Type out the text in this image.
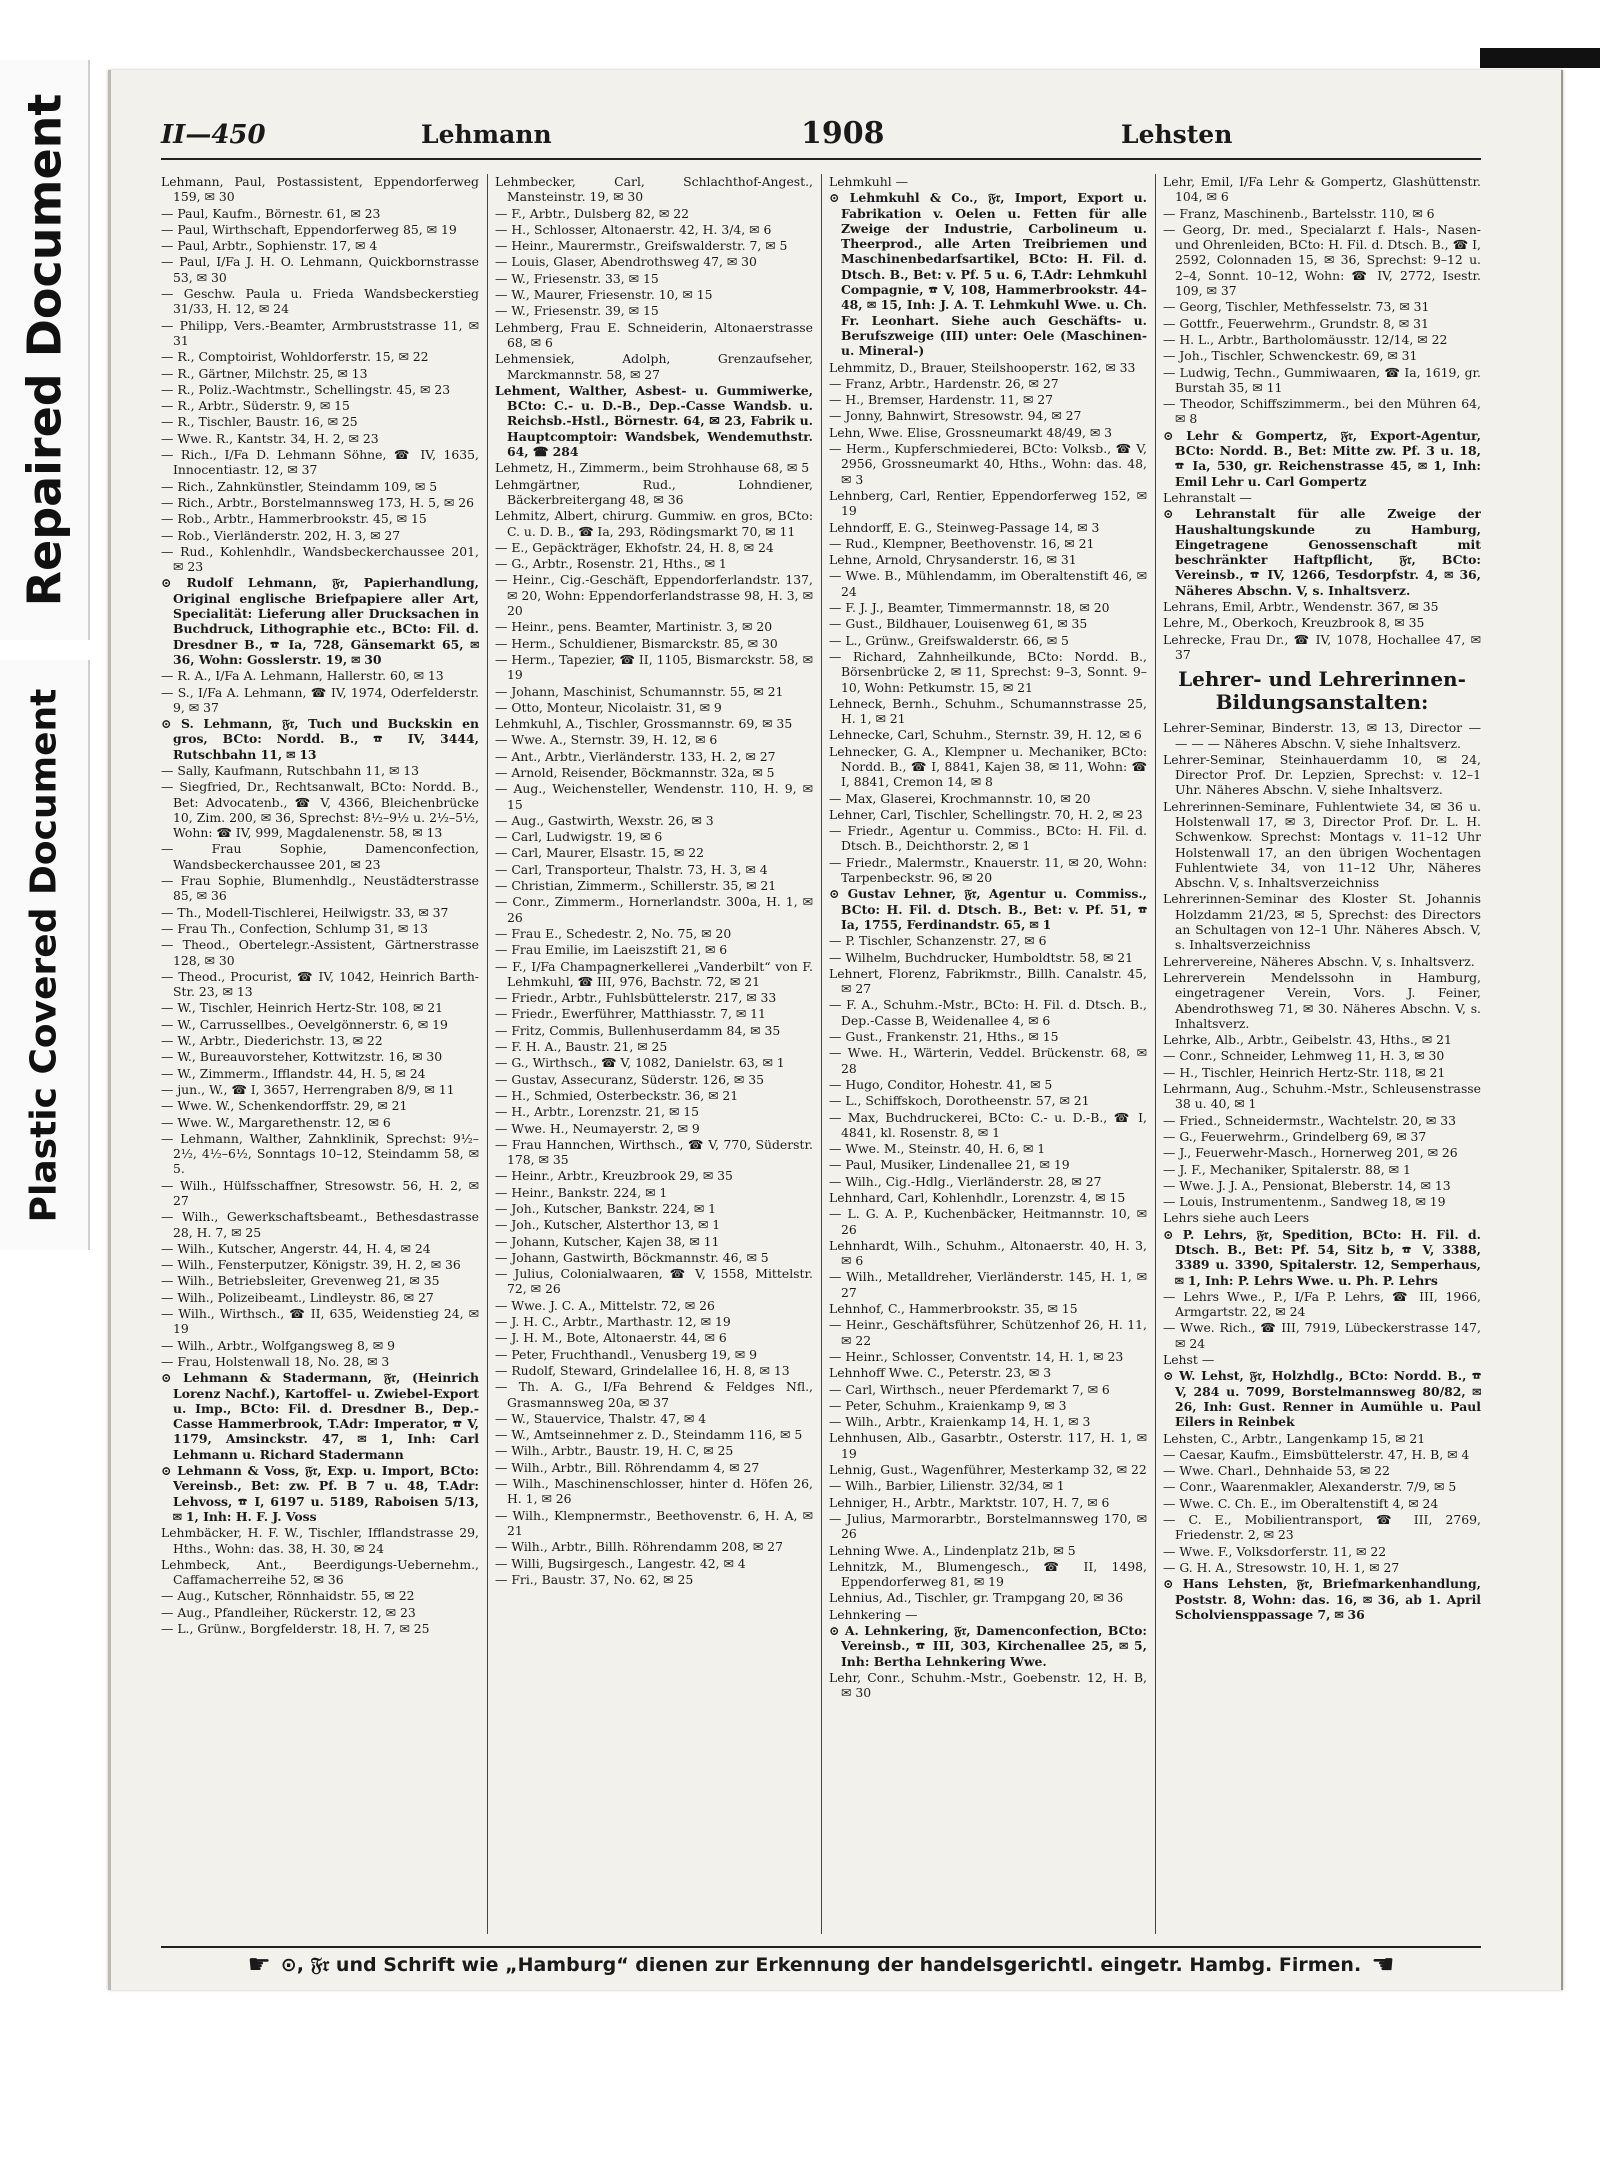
Repaired Document
Plastic Covered Document
II—450	Lehmann	1908	Lehsten

Lehmann, Paul, Postassistent, Eppendorferweg 159, ✉ 30

— Paul, Kaufm., Börnestr. 61, ✉ 23

— Paul, Wirthschaft, Eppendorferweg 85, ✉ 19

— Paul, Arbtr., Sophienstr. 17, ✉ 4

— Paul, I/Fa J. H. O. Lehmann, Quickbornstrasse 53, ✉ 30

— Geschw. Paula u. Frieda Wandsbeckerstieg 31/33, H. 12, ✉ 24

— Philipp, Vers.-Beamter, Armbruststrasse 11, ✉ 31

— R., Comptoirist, Wohldorferstr. 15, ✉ 22

— R., Gärtner, Milchstr. 25, ✉ 13

— R., Poliz.-Wachtmstr., Schellingstr. 45, ✉ 23

— R., Arbtr., Süderstr. 9, ✉ 15

— R., Tischler, Baustr. 16, ✉ 25

— Wwe. R., Kantstr. 34, H. 2, ✉ 23

— Rich., I/Fa D. Lehmann Söhne, ☎ IV, 1635, Innocentiastr. 12, ✉ 37

— Rich., Zahnkünstler, Steindamm 109, ✉ 5

— Rich., Arbtr., Borstelmannsweg 173, H. 5, ✉ 26

— Rob., Arbtr., Hammerbrookstr. 45, ✉ 15

— Rob., Vierländerstr. 202, H. 3, ✉ 27

— Rud., Kohlenhdlr., Wandsbeckerchaussee 201, ✉ 23

⊙ Rudolf Lehmann, 𝔉𝔯, Papierhandlung, Original englische Briefpapiere aller Art, Specialität: Lieferung aller Drucksachen in Buchdruck, Lithographie etc., BCto: Fil. d. Dresdner B., ☎ Ia, 728, Gänsemarkt 65, ✉ 36, Wohn: Gosslerstr. 19, ✉ 30

— R. A., I/Fa A. Lehmann, Hallerstr. 60, ✉ 13

— S., I/Fa A. Lehmann, ☎ IV, 1974, Oderfelderstr. 9, ✉ 37

⊙ S. Lehmann, 𝔉𝔯, Tuch und Buckskin en gros, BCto: Nordd. B., ☎ IV, 3444, Rutschbahn 11, ✉ 13

— Sally, Kaufmann, Rutschbahn 11, ✉ 13

— Siegfried, Dr., Rechtsanwalt, BCto: Nordd. B., Bet: Advocatenb., ☎ V, 4366, Bleichenbrücke 10, Zim. 200, ✉ 36, Sprechst: 8½–9½ u. 2½–5½, Wohn: ☎ IV, 999, Magdalenenstr. 58, ✉ 13

— Frau Sophie, Damenconfection, Wandsbeckerchaussee 201, ✉ 23

— Frau Sophie, Blumenhdlg., Neustädterstrasse 85, ✉ 36

— Th., Modell-Tischlerei, Heilwigstr. 33, ✉ 37

— Frau Th., Confection, Schlump 31, ✉ 13

— Theod., Obertelegr.-Assistent, Gärtnerstrasse 128, ✉ 30

— Theod., Procurist, ☎ IV, 1042, Heinrich Barth-Str. 23, ✉ 13

— W., Tischler, Heinrich Hertz-Str. 108, ✉ 21

— W., Carrussellbes., Oevelgönnerstr. 6, ✉ 19

— W., Arbtr., Diederichstr. 13, ✉ 22

— W., Bureauvorsteher, Kottwitzstr. 16, ✉ 30

— W., Zimmerm., Ifflandstr. 44, H. 5, ✉ 24

— jun., W., ☎ I, 3657, Herrengraben 8/9, ✉ 11

— Wwe. W., Schenkendorffstr. 29, ✉ 21

— Wwe. W., Margarethenstr. 12, ✉ 6

— Lehmann, Walther, Zahnklinik, Sprechst: 9½–2½, 4½–6½, Sonntags 10–12, Steindamm 58, ✉ 5.

— Wilh., Hülfsschaffner, Stresowstr. 56, H. 2, ✉ 27

— Wilh., Gewerkschaftsbeamt., Bethesdastrasse 28, H. 7, ✉ 25

— Wilh., Kutscher, Angerstr. 44, H. 4, ✉ 24

— Wilh., Fensterputzer, Königstr. 39, H. 2, ✉ 36

— Wilh., Betriebsleiter, Grevenweg 21, ✉ 35

— Wilh., Polizeibeamt., Lindleystr. 86, ✉ 27

— Wilh., Wirthsch., ☎ II, 635, Weidenstieg 24, ✉ 19

— Wilh., Arbtr., Wolfgangsweg 8, ✉ 9

— Frau, Holstenwall 18, No. 28, ✉ 3

⊙ Lehmann & Stadermann, 𝔉𝔯, (Heinrich Lorenz Nachf.), Kartoffel- u. Zwiebel-Export u. Imp., BCto: Fil. d. Dresdner B., Dep.-Casse Hammerbrook, T.Adr: Imperator, ☎ V, 1179, Amsinckstr. 47, ✉ 1, Inh: Carl Lehmann u. Richard Stadermann

⊙ Lehmann & Voss, 𝔉𝔯, Exp. u. Import, BCto: Vereinsb., Bet: zw. Pf. B 7 u. 48, T.Adr: Lehvoss, ☎ I, 6197 u. 5189, Raboisen 5/13, ✉ 1, Inh: H. F. J. Voss

Lehmbäcker, H. F. W., Tischler, Ifflandstrasse 29, Hths., Wohn: das. 38, H. 30, ✉ 24

Lehmbeck, Ant., Beerdigungs-Uebernehm., Caffamacherreihe 52, ✉ 36

— Aug., Kutscher, Rönnhaidstr. 55, ✉ 22

— Aug., Pfandleiher, Rückerstr. 12, ✉ 23

— L., Grünw., Borgfelderstr. 18, H. 7, ✉ 25

Lehmbecker, Carl, Schlachthof-Angest., Mansteinstr. 19, ✉ 30

— F., Arbtr., Dulsberg 82, ✉ 22

— H., Schlosser, Altonaerstr. 42, H. 3/4, ✉ 6

— Heinr., Maurermstr., Greifswalderstr. 7, ✉ 5

— Louis, Glaser, Abendrothsweg 47, ✉ 30

— W., Friesenstr. 33, ✉ 15

— W., Maurer, Friesenstr. 10, ✉ 15

— W., Friesenstr. 39, ✉ 15

Lehmberg, Frau E. Schneiderin, Altonaerstrasse 68, ✉ 6

Lehmensiek, Adolph, Grenzaufseher, Marckmannstr. 58, ✉ 27

Lehment, Walther, Asbest- u. Gummiwerke, BCto: C.- u. D.-B., Dep.-Casse Wandsb. u. Reichsb.-Hstl., Börnestr. 64, ✉ 23, Fabrik u. Hauptcomptoir: Wandsbek, Wendemuthstr. 64, ☎ 284

Lehmetz, H., Zimmerm., beim Strohhause 68, ✉ 5

Lehmgärtner, Rud., Lohndiener, Bäckerbreitergang 48, ✉ 36

Lehmitz, Albert, chirurg. Gummiw. en gros, BCto: C. u. D. B., ☎ Ia, 293, Rödingsmarkt 70, ✉ 11

— E., Gepäckträger, Ekhofstr. 24, H. 8, ✉ 24

— G., Arbtr., Rosenstr. 21, Hths., ✉ 1

— Heinr., Cig.-Geschäft, Eppendorferlandstr. 137, ✉ 20, Wohn: Eppendorferlandstrasse 98, H. 3, ✉ 20

— Heinr., pens. Beamter, Martinistr. 3, ✉ 20

— Herm., Schuldiener, Bismarckstr. 85, ✉ 30

— Herm., Tapezier, ☎ II, 1105, Bismarckstr. 58, ✉ 19

— Johann, Maschinist, Schumannstr. 55, ✉ 21

— Otto, Monteur, Nicolaistr. 31, ✉ 9

Lehmkuhl, A., Tischler, Grossmannstr. 69, ✉ 35

— Wwe. A., Sternstr. 39, H. 12, ✉ 6

— Ant., Arbtr., Vierländerstr. 133, H. 2, ✉ 27

— Arnold, Reisender, Böckmannstr. 32a, ✉ 5

— Aug., Weichensteller, Wendenstr. 110, H. 9, ✉ 15

— Aug., Gastwirth, Wexstr. 26, ✉ 3

— Carl, Ludwigstr. 19, ✉ 6

— Carl, Maurer, Elsastr. 15, ✉ 22

— Carl, Transporteur, Thalstr. 73, H. 3, ✉ 4

— Christian, Zimmerm., Schillerstr. 35, ✉ 21

— Conr., Zimmerm., Hornerlandstr. 300a, H. 1, ✉ 26

— Frau E., Schedestr. 2, No. 75, ✉ 20

— Frau Emilie, im Laeiszstift 21, ✉ 6

— F., I/Fa Champagnerkellerei „Vanderbilt“ von F. Lehmkuhl, ☎ III, 976, Bachstr. 72, ✉ 21

— Friedr., Arbtr., Fuhlsbüttelerstr. 217, ✉ 33

— Friedr., Ewerführer, Matthiasstr. 7, ✉ 11

— Fritz, Commis, Bullenhuserdamm 84, ✉ 35

— F. H. A., Baustr. 21, ✉ 25

— G., Wirthsch., ☎ V, 1082, Danielstr. 63, ✉ 1

— Gustav, Assecuranz, Süderstr. 126, ✉ 35

— H., Schmied, Osterbeckstr. 36, ✉ 21

— H., Arbtr., Lorenzstr. 21, ✉ 15

— Wwe. H., Neumayerstr. 2, ✉ 9

— Frau Hannchen, Wirthsch., ☎ V, 770, Süderstr. 178, ✉ 35

— Heinr., Arbtr., Kreuzbrook 29, ✉ 35

— Heinr., Bankstr. 224, ✉ 1

— Joh., Kutscher, Bankstr. 224, ✉ 1

— Joh., Kutscher, Alsterthor 13, ✉ 1

— Johann, Kutscher, Kajen 38, ✉ 11

— Johann, Gastwirth, Böckmannstr. 46, ✉ 5

— Julius, Colonialwaaren, ☎ V, 1558, Mittelstr. 72, ✉ 26

— Wwe. J. C. A., Mittelstr. 72, ✉ 26

— J. H. C., Arbtr., Marthastr. 12, ✉ 19

— J. H. M., Bote, Altonaerstr. 44, ✉ 6

— Peter, Fruchthandl., Venusberg 19, ✉ 9

— Rudolf, Steward, Grindelallee 16, H. 8, ✉ 13

— Th. A. G., I/Fa Behrend & Feldges Nfl., Grasmannsweg 20a, ✉ 37

— W., Stauervice, Thalstr. 47, ✉ 4

— W., Amtseinnehmer z. D., Steindamm 116, ✉ 5

— Wilh., Arbtr., Baustr. 19, H. C, ✉ 25

— Wilh., Arbtr., Bill. Röhrendamm 4, ✉ 27

— Wilh., Maschinenschlosser, hinter d. Höfen 26, H. 1, ✉ 26

— Wilh., Klempnermstr., Beethovenstr. 6, H. A, ✉ 21

— Wilh., Arbtr., Billh. Röhrendamm 208, ✉ 27

— Willi, Bugsirgesch., Langestr. 42, ✉ 4

— Fri., Baustr. 37, No. 62, ✉ 25

Lehmkuhl —

⊙ Lehmkuhl & Co., 𝔉𝔯, Import, Export u. Fabrikation v. Oelen u. Fetten für alle Zweige der Industrie, Carbolineum u. Theerprod., alle Arten Treibriemen und Maschinenbedarfsartikel, BCto: H. Fil. d. Dtsch. B., Bet: v. Pf. 5 u. 6, T.Adr: Lehmkuhl Compagnie, ☎ V, 108, Hammerbrookstr. 44–48, ✉ 15, Inh: J. A. T. Lehmkuhl Wwe. u. Ch. Fr. Leonhart. Siehe auch Geschäfts- u. Berufszweige (III) unter: Oele (Maschinen- u. Mineral-)

Lehmmitz, D., Brauer, Steilshooperstr. 162, ✉ 33

— Franz, Arbtr., Hardenstr. 26, ✉ 27

— H., Bremser, Hardenstr. 11, ✉ 27

— Jonny, Bahnwirt, Stresowstr. 94, ✉ 27

Lehn, Wwe. Elise, Grossneumarkt 48/49, ✉ 3

— Herm., Kupferschmiederei, BCto: Volksb., ☎ V, 2956, Grossneumarkt 40, Hths., Wohn: das. 48, ✉ 3

Lehnberg, Carl, Rentier, Eppendorferweg 152, ✉ 19

Lehndorff, E. G., Steinweg-Passage 14, ✉ 3

— Rud., Klempner, Beethovenstr. 16, ✉ 21

Lehne, Arnold, Chrysanderstr. 16, ✉ 31

— Wwe. B., Mühlendamm, im Oberaltenstift 46, ✉ 24

— F. J. J., Beamter, Timmermannstr. 18, ✉ 20

— Gust., Bildhauer, Louisenweg 61, ✉ 35

— L., Grünw., Greifswalderstr. 66, ✉ 5

— Richard, Zahnheilkunde, BCto: Nordd. B., Börsenbrücke 2, ✉ 11, Sprechst: 9–3, Sonnt. 9–10, Wohn: Petkumstr. 15, ✉ 21

Lehneck, Bernh., Schuhm., Schumannstrasse 25, H. 1, ✉ 21

Lehnecke, Carl, Schuhm., Sternstr. 39, H. 12, ✉ 6

Lehnecker, G. A., Klempner u. Mechaniker, BCto: Nordd. B., ☎ I, 8841, Kajen 38, ✉ 11, Wohn: ☎ I, 8841, Cremon 14, ✉ 8

— Max, Glaserei, Krochmannstr. 10, ✉ 20

Lehner, Carl, Tischler, Schellingstr. 70, H. 2, ✉ 23

— Friedr., Agentur u. Commiss., BCto: H. Fil. d. Dtsch. B., Deichthorstr. 2, ✉ 1

— Friedr., Malermstr., Knauerstr. 11, ✉ 20, Wohn: Tarpenbeckstr. 96, ✉ 20

⊙ Gustav Lehner, 𝔉𝔯, Agentur u. Commiss., BCto: H. Fil. d. Dtsch. B., Bet: v. Pf. 51, ☎ Ia, 1755, Ferdinandstr. 65, ✉ 1

— P. Tischler, Schanzenstr. 27, ✉ 6

— Wilhelm, Buchdrucker, Humboldtstr. 58, ✉ 21

Lehnert, Florenz, Fabrikmstr., Billh. Canalstr. 45, ✉ 27

— F. A., Schuhm.-Mstr., BCto: H. Fil. d. Dtsch. B., Dep.-Casse B, Weidenallee 4, ✉ 6

— Gust., Frankenstr. 21, Hths., ✉ 15

— Wwe. H., Wärterin, Veddel. Brückenstr. 68, ✉ 28

— Hugo, Conditor, Hohestr. 41, ✉ 5

— L., Schiffskoch, Dorotheenstr. 57, ✉ 21

— Max, Buchdruckerei, BCto: C.- u. D.-B., ☎ I, 4841, kl. Rosenstr. 8, ✉ 1

— Wwe. M., Steinstr. 40, H. 6, ✉ 1

— Paul, Musiker, Lindenallee 21, ✉ 19

— Wilh., Cig.-Hdlg., Vierländerstr. 28, ✉ 27

Lehnhard, Carl, Kohlenhdlr., Lorenzstr. 4, ✉ 15

— L. G. A. P., Kuchenbäcker, Heitmannstr. 10, ✉ 26

Lehnhardt, Wilh., Schuhm., Altonaerstr. 40, H. 3, ✉ 6

— Wilh., Metalldreher, Vierländerstr. 145, H. 1, ✉ 27

Lehnhof, C., Hammerbrookstr. 35, ✉ 15

— Heinr., Geschäftsführer, Schützenhof 26, H. 11, ✉ 22

— Heinr., Schlosser, Conventstr. 14, H. 1, ✉ 23

Lehnhoff Wwe. C., Peterstr. 23, ✉ 3

— Carl, Wirthsch., neuer Pferdemarkt 7, ✉ 6

— Peter, Schuhm., Kraienkamp 9, ✉ 3

— Wilh., Arbtr., Kraienkamp 14, H. 1, ✉ 3

Lehnhusen, Alb., Gasarbtr., Osterstr. 117, H. 1, ✉ 19

Lehnig, Gust., Wagenführer, Mesterkamp 32, ✉ 22

— Wilh., Barbier, Lilienstr. 32/34, ✉ 1

Lehniger, H., Arbtr., Marktstr. 107, H. 7, ✉ 6

— Julius, Marmorarbtr., Borstelmannsweg 170, ✉ 26

Lehning Wwe. A., Lindenplatz 21b, ✉ 5

Lehnitzk, M., Blumengesch., ☎ II, 1498, Eppendorferweg 81, ✉ 19

Lehnius, Ad., Tischler, gr. Trampgang 20, ✉ 36

Lehnkering —

⊙ A. Lehnkering, 𝔉𝔯, Damenconfection, BCto: Vereinsb., ☎ III, 303, Kirchenallee 25, ✉ 5, Inh: Bertha Lehnkering Wwe.

Lehr, Conr., Schuhm.-Mstr., Goebenstr. 12, H. B, ✉ 30

Lehr, Emil, I/Fa Lehr & Gompertz, Glashüttenstr. 104, ✉ 6

— Franz, Maschinenb., Bartelsstr. 110, ✉ 6

— Georg, Dr. med., Specialarzt f. Hals-, Nasen- und Ohrenleiden, BCto: H. Fil. d. Dtsch. B., ☎ I, 2592, Colonnaden 15, ✉ 36, Sprechst: 9–12 u. 2–4, Sonnt. 10–12, Wohn: ☎ IV, 2772, Isestr. 109, ✉ 37

— Georg, Tischler, Methfesselstr. 73, ✉ 31

— Gottfr., Feuerwehrm., Grundstr. 8, ✉ 31

— H. L., Arbtr., Bartholomäusstr. 12/14, ✉ 22

— Joh., Tischler, Schwenckestr. 69, ✉ 31

— Ludwig, Techn., Gummiwaaren, ☎ Ia, 1619, gr. Burstah 35, ✉ 11

— Theodor, Schiffszimmerm., bei den Mühren 64, ✉ 8

⊙ Lehr & Gompertz, 𝔉𝔯, Export-Agentur, BCto: Nordd. B., Bet: Mitte zw. Pf. 3 u. 18, ☎ Ia, 530, gr. Reichenstrasse 45, ✉ 1, Inh: Emil Lehr u. Carl Gompertz

Lehranstalt —

⊙ Lehranstalt für alle Zweige der Haushaltungskunde zu Hamburg, Eingetragene Genossenschaft mit beschränkter Haftpflicht, 𝔉𝔯, BCto: Vereinsb., ☎ IV, 1266, Tesdorpfstr. 4, ✉ 36, Näheres Abschn. V, s. Inhaltsverz.

Lehrans, Emil, Arbtr., Wendenstr. 367, ✉ 35

Lehre, M., Oberkoch, Kreuzbrook 8, ✉ 35

Lehrecke, Frau Dr., ☎ IV, 1078, Hochallee 47, ✉ 37

Lehrer- und Lehrerinnen-Bildungsanstalten:

Lehrer-Seminar, Binderstr. 13, ✉ 13, Director — — — — Näheres Abschn. V, siehe Inhaltsverz.

Lehrer-Seminar, Steinhauerdamm 10, ✉ 24, Director Prof. Dr. Lepzien, Sprechst: v. 12–1 Uhr. Näheres Abschn. V, siehe Inhaltsverz.

Lehrerinnen-Seminare, Fuhlentwiete 34, ✉ 36 u. Holstenwall 17, ✉ 3, Director Prof. Dr. L. H. Schwenkow. Sprechst: Montags v. 11–12 Uhr Holstenwall 17, an den übrigen Wochentagen Fuhlentwiete 34, von 11–12 Uhr, Näheres Abschn. V, s. Inhaltsverzeichniss

Lehrerinnen-Seminar des Kloster St. Johannis Holzdamm 21/23, ✉ 5, Sprechst: des Directors an Schultagen von 12–1 Uhr. Näheres Absch. V, s. Inhaltsverzeichniss

Lehrervereine, Näheres Abschn. V, s. Inhaltsverz.

Lehrerverein Mendelssohn in Hamburg, eingetragener Verein, Vors. J. Feiner, Abendrothsweg 71, ✉ 30. Näheres Abschn. V, s. Inhaltsverz.

Lehrke, Alb., Arbtr., Geibelstr. 43, Hths., ✉ 21

— Conr., Schneider, Lehmweg 11, H. 3, ✉ 30

— H., Tischler, Heinrich Hertz-Str. 118, ✉ 21

Lehrmann, Aug., Schuhm.-Mstr., Schleusenstrasse 38 u. 40, ✉ 1

— Fried., Schneidermstr., Wachtelstr. 20, ✉ 33

— G., Feuerwehrm., Grindelberg 69, ✉ 37

— J., Feuerwehr-Masch., Hornerweg 201, ✉ 26

— J. F., Mechaniker, Spitalerstr. 88, ✉ 1

— Wwe. J. J. A., Pensionat, Bleberstr. 14, ✉ 13

— Louis, Instrumentenm., Sandweg 18, ✉ 19

Lehrs siehe auch Leers

⊙ P. Lehrs, 𝔉𝔯, Spedition, BCto: H. Fil. d. Dtsch. B., Bet: Pf. 54, Sitz b, ☎ V, 3388, 3389 u. 3390, Spitalerstr. 12, Semperhaus, ✉ 1, Inh: P. Lehrs Wwe. u. Ph. P. Lehrs

— Lehrs Wwe., P., I/Fa P. Lehrs, ☎ III, 1966, Armgartstr. 22, ✉ 24

— Wwe. Rich., ☎ III, 7919, Lübeckerstrasse 147, ✉ 24

Lehst —

⊙ W. Lehst, 𝔉𝔯, Holzhdlg., BCto: Nordd. B., ☎ V, 284 u. 7099, Borstelmannsweg 80/82, ✉ 26, Inh: Gust. Renner in Aumühle u. Paul Eilers in Reinbek

Lehsten, C., Arbtr., Langenkamp 15, ✉ 21

— Caesar, Kaufm., Eimsbüttelerstr. 47, H. B, ✉ 4

— Wwe. Charl., Dehnhaide 53, ✉ 22

— Conr., Waarenmakler, Alexanderstr. 7/9, ✉ 5

— Wwe. C. Ch. E., im Oberaltenstift 4, ✉ 24

— C. E., Mobilientransport, ☎ III, 2769, Friedenstr. 2, ✉ 23

— Wwe. F., Volksdorferstr. 11, ✉ 22

— G. H. A., Stresowstr. 10, H. 1, ✉ 27

⊙ Hans Lehsten, 𝔉𝔯, Briefmarkenhandlung, Poststr. 8, Wohn: das. 16, ✉ 36, ab 1. April Scholviensppassage 7, ✉ 36

☛ ⊙, 𝔉𝔯 und Schrift wie „Hamburg“ dienen zur Erkennung der handelsgerichtl. eingetr. Hambg. Firmen. ☚
